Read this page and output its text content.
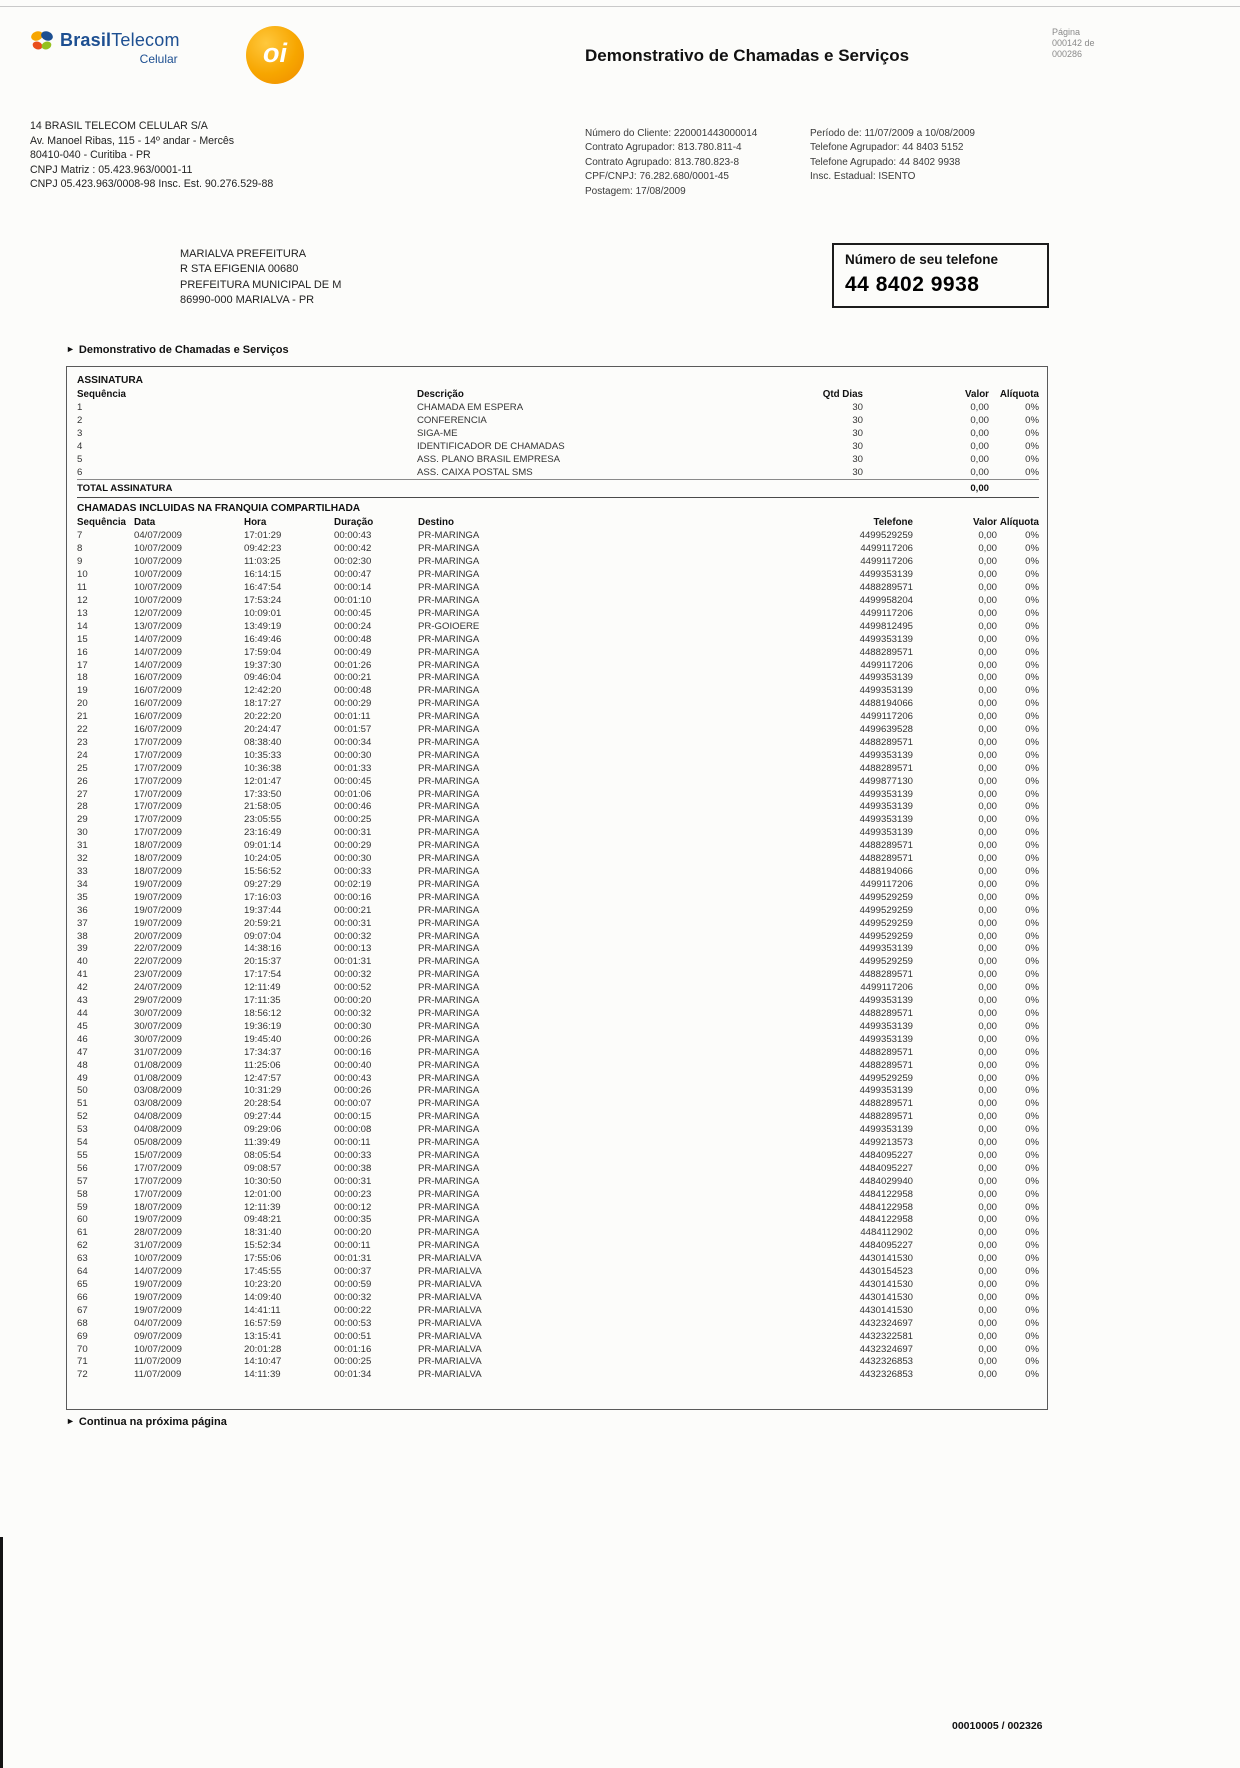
BrasilTelecom
Celular	oi	Demonstrativo de Chamadas e Serviços
Página
000142 de
000286
14 BRASIL TELECOM CELULAR S/A
Av. Manoel Ribas, 115 - 14º andar - Mercês
80410-040 - Curitiba - PR
CNPJ Matriz : 05.423.963/0001-11
CNPJ 05.423.963/0008-98 Insc. Est. 90.276.529-88
Número do Cliente: 220001443000014
Contrato Agrupador: 813.780.811-4
Contrato Agrupado: 813.780.823-8
CPF/CNPJ: 76.282.680/0001-45
Postagem: 17/08/2009
Período de: 11/07/2009 a 10/08/2009
Telefone Agrupador: 44 8403 5152
Telefone Agrupado: 44 8402 9938
Insc. Estadual: ISENTO
MARIALVA PREFEITURA
R STA EFIGENIA 00680
PREFEITURA MUNICIPAL DE M
86990-000 MARIALVA - PR
Número de seu telefone
44 8402 9938
► Demonstrativo de Chamadas e Serviços
ASSINATURA
Sequência	Descrição	Qtd Dias	Valor	Alíquota
1	CHAMADA EM ESPERA	30	0,00	0%
2	CONFERENCIA	30	0,00	0%
3	SIGA-ME	30	0,00	0%
4	IDENTIFICADOR DE CHAMADAS	30	0,00	0%
5	ASS. PLANO BRASIL EMPRESA	30	0,00	0%
6	ASS. CAIXA POSTAL SMS	30	0,00	0%
TOTAL ASSINATURA			0,00	
CHAMADAS INCLUIDAS NA FRANQUIA COMPARTILHADA
Sequência	Data	Hora	Duração	Destino	Telefone	Valor	Alíquota
7	04/07/2009	17:01:29	00:00:43	PR-MARINGA	4499529259	0,00	0%
8	10/07/2009	09:42:23	00:00:42	PR-MARINGA	4499117206	0,00	0%
9	10/07/2009	11:03:25	00:02:30	PR-MARINGA	4499117206	0,00	0%
10	10/07/2009	16:14:15	00:00:47	PR-MARINGA	4499353139	0,00	0%
11	10/07/2009	16:47:54	00:00:14	PR-MARINGA	4488289571	0,00	0%
12	10/07/2009	17:53:24	00:01:10	PR-MARINGA	4499958204	0,00	0%
13	12/07/2009	10:09:01	00:00:45	PR-MARINGA	4499117206	0,00	0%
14	13/07/2009	13:49:19	00:00:24	PR-GOIOERE	4499812495	0,00	0%
15	14/07/2009	16:49:46	00:00:48	PR-MARINGA	4499353139	0,00	0%
16	14/07/2009	17:59:04	00:00:49	PR-MARINGA	4488289571	0,00	0%
17	14/07/2009	19:37:30	00:01:26	PR-MARINGA	4499117206	0,00	0%
18	16/07/2009	09:46:04	00:00:21	PR-MARINGA	4499353139	0,00	0%
19	16/07/2009	12:42:20	00:00:48	PR-MARINGA	4499353139	0,00	0%
20	16/07/2009	18:17:27	00:00:29	PR-MARINGA	4488194066	0,00	0%
21	16/07/2009	20:22:20	00:01:11	PR-MARINGA	4499117206	0,00	0%
22	16/07/2009	20:24:47	00:01:57	PR-MARINGA	4499639528	0,00	0%
23	17/07/2009	08:38:40	00:00:34	PR-MARINGA	4488289571	0,00	0%
24	17/07/2009	10:35:33	00:00:30	PR-MARINGA	4499353139	0,00	0%
25	17/07/2009	10:36:38	00:01:33	PR-MARINGA	4488289571	0,00	0%
26	17/07/2009	12:01:47	00:00:45	PR-MARINGA	4499877130	0,00	0%
27	17/07/2009	17:33:50	00:01:06	PR-MARINGA	4499353139	0,00	0%
28	17/07/2009	21:58:05	00:00:46	PR-MARINGA	4499353139	0,00	0%
29	17/07/2009	23:05:55	00:00:25	PR-MARINGA	4499353139	0,00	0%
30	17/07/2009	23:16:49	00:00:31	PR-MARINGA	4499353139	0,00	0%
31	18/07/2009	09:01:14	00:00:29	PR-MARINGA	4488289571	0,00	0%
32	18/07/2009	10:24:05	00:00:30	PR-MARINGA	4488289571	0,00	0%
33	18/07/2009	15:56:52	00:00:33	PR-MARINGA	4488194066	0,00	0%
34	19/07/2009	09:27:29	00:02:19	PR-MARINGA	4499117206	0,00	0%
35	19/07/2009	17:16:03	00:00:16	PR-MARINGA	4499529259	0,00	0%
36	19/07/2009	19:37:44	00:00:21	PR-MARINGA	4499529259	0,00	0%
37	19/07/2009	20:59:21	00:00:31	PR-MARINGA	4499529259	0,00	0%
38	20/07/2009	09:07:04	00:00:32	PR-MARINGA	4499529259	0,00	0%
39	22/07/2009	14:38:16	00:00:13	PR-MARINGA	4499353139	0,00	0%
40	22/07/2009	20:15:37	00:01:31	PR-MARINGA	4499529259	0,00	0%
41	23/07/2009	17:17:54	00:00:32	PR-MARINGA	4488289571	0,00	0%
42	24/07/2009	12:11:49	00:00:52	PR-MARINGA	4499117206	0,00	0%
43	29/07/2009	17:11:35	00:00:20	PR-MARINGA	4499353139	0,00	0%
44	30/07/2009	18:56:12	00:00:32	PR-MARINGA	4488289571	0,00	0%
45	30/07/2009	19:36:19	00:00:30	PR-MARINGA	4499353139	0,00	0%
46	30/07/2009	19:45:40	00:00:26	PR-MARINGA	4499353139	0,00	0%
47	31/07/2009	17:34:37	00:00:16	PR-MARINGA	4488289571	0,00	0%
48	01/08/2009	11:25:06	00:00:40	PR-MARINGA	4488289571	0,00	0%
49	01/08/2009	12:47:57	00:00:43	PR-MARINGA	4499529259	0,00	0%
50	03/08/2009	10:31:29	00:00:26	PR-MARINGA	4499353139	0,00	0%
51	03/08/2009	20:28:54	00:00:07	PR-MARINGA	4488289571	0,00	0%
52	04/08/2009	09:27:44	00:00:15	PR-MARINGA	4488289571	0,00	0%
53	04/08/2009	09:29:06	00:00:08	PR-MARINGA	4499353139	0,00	0%
54	05/08/2009	11:39:49	00:00:11	PR-MARINGA	4499213573	0,00	0%
55	15/07/2009	08:05:54	00:00:33	PR-MARINGA	4484095227	0,00	0%
56	17/07/2009	09:08:57	00:00:38	PR-MARINGA	4484095227	0,00	0%
57	17/07/2009	10:30:50	00:00:31	PR-MARINGA	4484029940	0,00	0%
58	17/07/2009	12:01:00	00:00:23	PR-MARINGA	4484122958	0,00	0%
59	18/07/2009	12:11:39	00:00:12	PR-MARINGA	4484122958	0,00	0%
60	19/07/2009	09:48:21	00:00:35	PR-MARINGA	4484122958	0,00	0%
61	28/07/2009	18:31:40	00:00:20	PR-MARINGA	4484112902	0,00	0%
62	31/07/2009	15:52:34	00:00:11	PR-MARINGA	4484095227	0,00	0%
63	10/07/2009	17:55:06	00:01:31	PR-MARIALVA	4430141530	0,00	0%
64	14/07/2009	17:45:55	00:00:37	PR-MARIALVA	4430154523	0,00	0%
65	19/07/2009	10:23:20	00:00:59	PR-MARIALVA	4430141530	0,00	0%
66	19/07/2009	14:09:40	00:00:32	PR-MARIALVA	4430141530	0,00	0%
67	19/07/2009	14:41:11	00:00:22	PR-MARIALVA	4430141530	0,00	0%
68	04/07/2009	16:57:59	00:00:53	PR-MARIALVA	4432324697	0,00	0%
69	09/07/2009	13:15:41	00:00:51	PR-MARIALVA	4432322581	0,00	0%
70	10/07/2009	20:01:28	00:01:16	PR-MARIALVA	4432324697	0,00	0%
71	11/07/2009	14:10:47	00:00:25	PR-MARIALVA	4432326853	0,00	0%
72	11/07/2009	14:11:39	00:01:34	PR-MARIALVA	4432326853	0,00	0%
► Continua na próxima página
00010005 / 002326
